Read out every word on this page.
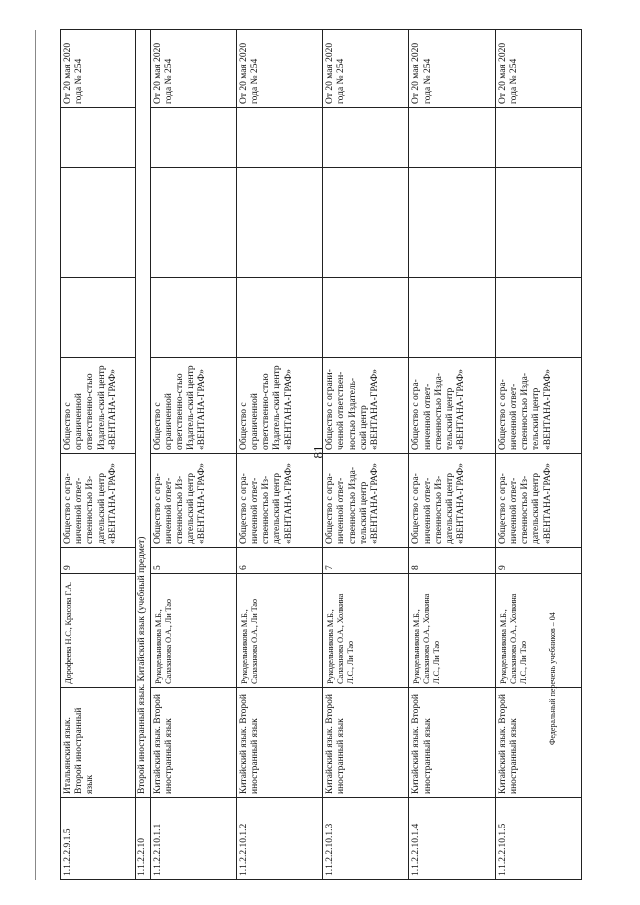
81
1.1.2.2.9.1.5	Итальянский язык. Второй иностранный язык	Дорофеева Н.С., Красова Г.А.	9	Общество с огра-ниченной ответ-ственностью Из-дательский центр «ВЕНТАНА-ГРАФ»	Общество с ограниченной ответственно-стью Издатель-ский центр «ВЕНТАНА-ГРАФ»				От 20 мая 2020 года № 254
1.1.2.2.10	Второй иностранный язык. Китайский язык (учебный предмет)								
1.1.2.2.10.1.1	Китайский язык. Второй иностранный язык	Рукодельникова М.Б., Салазанова О.А., Ли Тао	5	Общество с огра-ниченной ответ-ственностью Из-дательский центр «ВЕНТАНА-ГРАФ»	Общество с ограниченной ответственно-стью Издатель-ский центр «ВЕНТАНА-ГРАФ»				От 20 мая 2020 года № 254
1.1.2.2.10.1.2	Китайский язык. Второй иностранный язык	Рукодельникова М.Б., Салазанова О.А., Ли Тао	6	Общество с огра-ниченной ответ-ственностью Из-дательский центр «ВЕНТАНА-ГРАФ»	Общество с ограниченной ответственно-стью Издатель-ский центр «ВЕНТАНА-ГРАФ»				От 20 мая 2020 года № 254
1.1.2.2.10.1.3	Китайский язык. Второй иностранный язык	Рукодельникова М.Б., Салазанова О.А., Холкина Л.С., Ли Тао	7	Общество с огра-ниченной ответ-ственностью Изда-тельский центр «ВЕНТАНА-ГРАФ»	Общество с ограни-ченной ответствен-ностью Издатель-ский центр «ВЕНТАНА-ГРАФ»				От 20 мая 2020 года № 254
1.1.2.2.10.1.4	Китайский язык. Второй иностранный язык	Рукодельникова М.Б., Салазанова О.А., Холкина Л.С., Ли Тао	8	Общество с огра-ниченной ответ-ственностью Из-дательский центр «ВЕНТАНА-ГРАФ»	Общество с огра-ниченной ответ-ственностью Изда-тельский центр «ВЕНТАНА-ГРАФ»				От 20 мая 2020 года № 254
1.1.2.2.10.1.5	Китайский язык. Второй иностранный язык	Рукодельникова М.Б., Салазанова О.А., Холкина Л.С., Ли Тао	9	Общество с огра-ниченной ответ-ственностью Из-дательский центр «ВЕНТАНА-ГРАФ»	Общество с огра-ниченной ответ-ственностью Изда-тельский центр «ВЕНТАНА-ГРАФ»				От 20 мая 2020 года № 254
Федеральный перечень учебников – 04
